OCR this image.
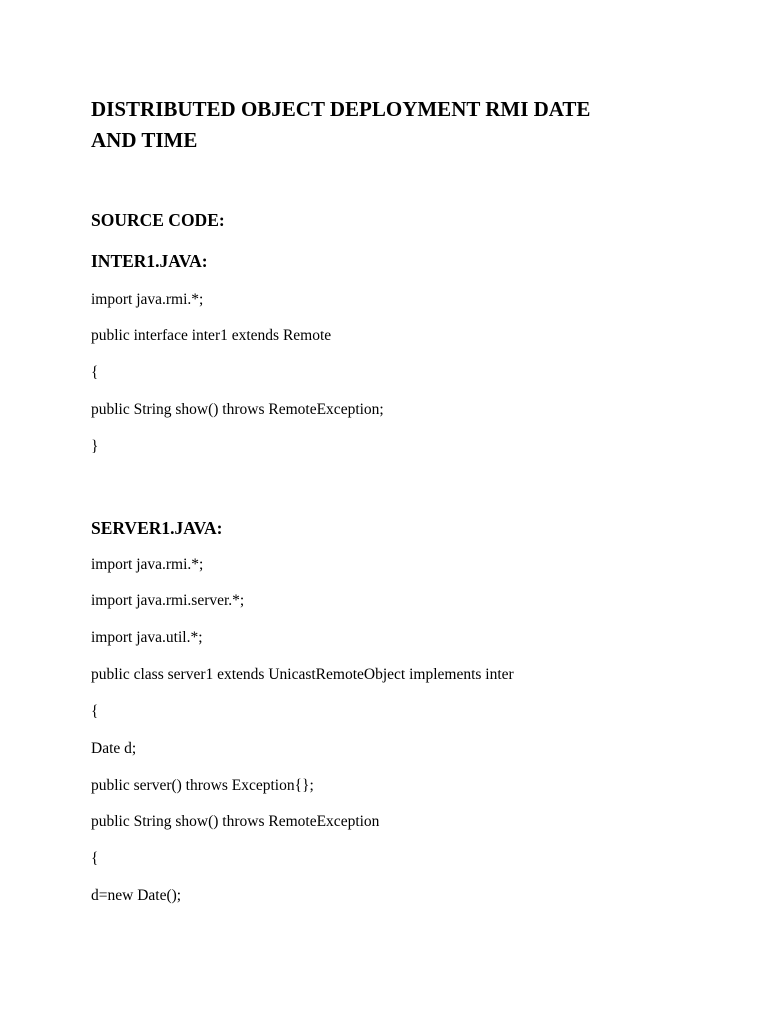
DISTRIBUTED OBJECT DEPLOYMENT RMI DATE
AND TIME
SOURCE CODE:
INTER1.JAVA:

import java.rmi.*;

public interface inter1 extends Remote

{

public String show() throws RemoteException;

}

SERVER1.JAVA:

import java.rmi.*;

import java.rmi.server.*;

import java.util.*;

public class server1 extends UnicastRemoteObject implements inter

{

Date d;

public server() throws Exception{};

public String show() throws RemoteException

{

d=new Date();
